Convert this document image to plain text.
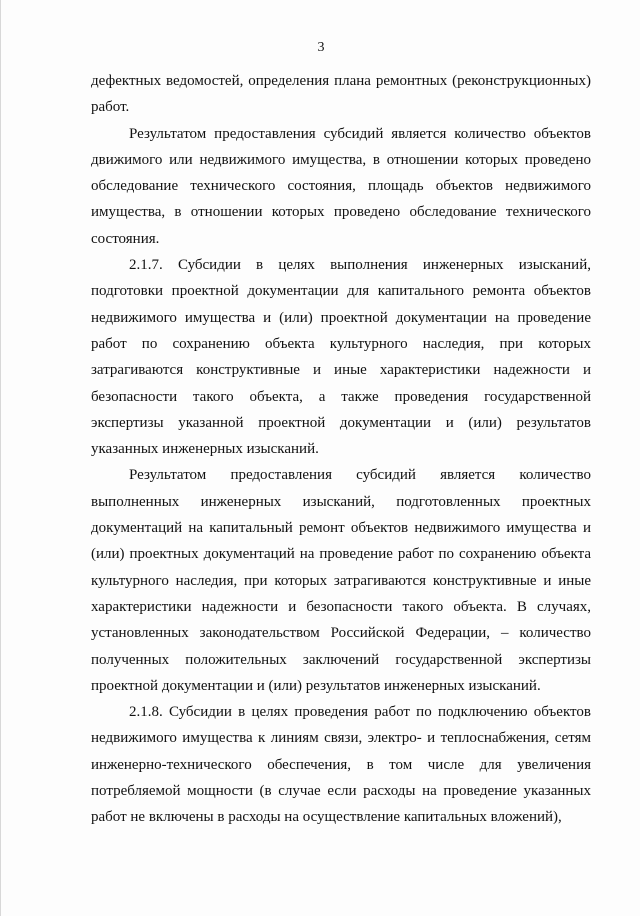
3

дефектных ведомостей, определения плана ремонтных (реконструкционных) работ.

Результатом предоставления субсидий является количество объектов движимого или недвижимого имущества, в отношении которых проведено обследование технического состояния, площадь объектов недвижимого имущества, в отношении которых проведено обследование технического состояния.

2.1.7. Субсидии в целях выполнения инженерных изысканий, подготовки проектной документации для капитального ремонта объектов недвижимого имущества и (или) проектной документации на проведение работ по сохранению объекта культурного наследия, при которых затрагиваются конструктивные и иные характеристики надежности и безопасности такого объекта, а также проведения государственной экспертизы указанной проектной документации и (или) результатов указанных инженерных изысканий.

Результатом предоставления субсидий является количество выполненных инженерных изысканий, подготовленных проектных документаций на капитальный ремонт объектов недвижимого имущества и (или) проектных документаций на проведение работ по сохранению объекта культурного наследия, при которых затрагиваются конструктивные и иные характеристики надежности и безопасности такого объекта. В случаях, установленных законодательством Российской Федерации, – количество полученных положительных заключений государственной экспертизы проектной документации и (или) результатов инженерных изысканий.

2.1.8. Субсидии в целях проведения работ по подключению объектов недвижимого имущества к линиям связи, электро- и теплоснабжения, сетям инженерно-технического обеспечения, в том числе для увеличения потребляемой мощности (в случае если расходы на проведение указанных работ не включены в расходы на осуществление капитальных вложений),
